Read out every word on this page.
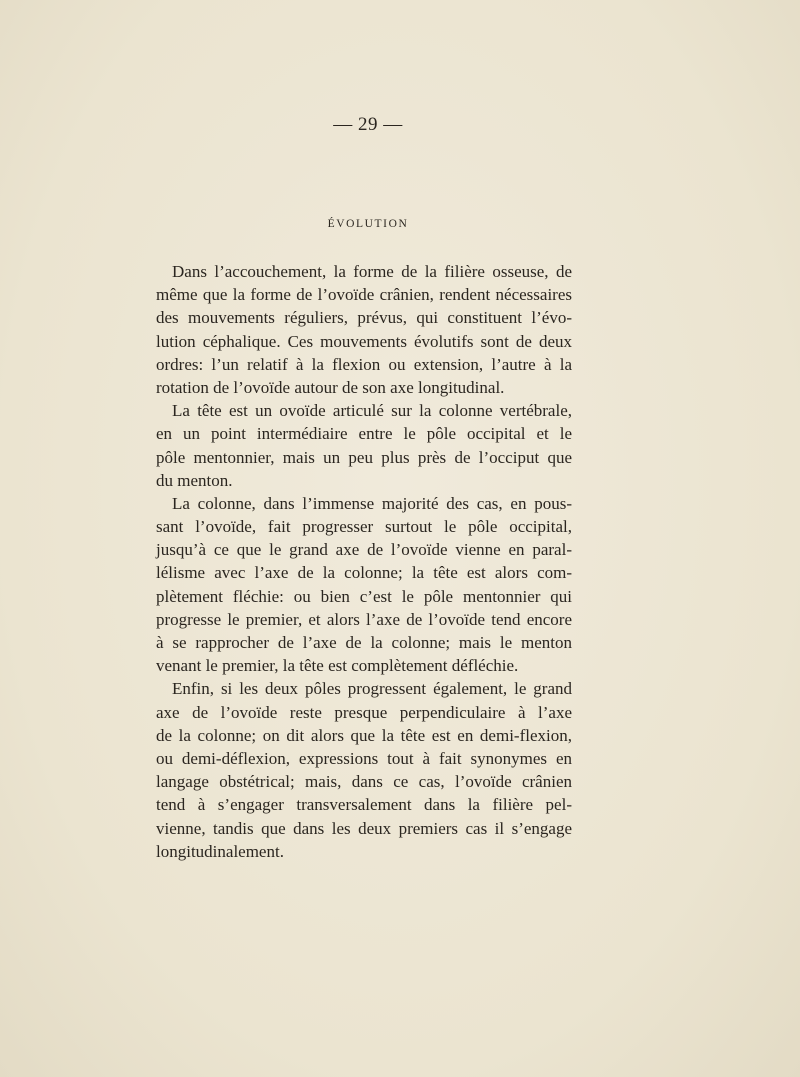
— 29 —
ÉVOLUTION
Dans l’accouchement, la forme de la filière osseuse, de
même que la forme de l’ovoïde crânien, rendent nécessaires
des mouvements réguliers, prévus, qui constituent l’évo-
lution céphalique. Ces mouvements évolutifs sont de deux
ordres: l’un relatif à la flexion ou extension, l’autre à la
rotation de l’ovoïde autour de son axe longitudinal.
La tête est un ovoïde articulé sur la colonne vertébrale,
en un point intermédiaire entre le pôle occipital et le
pôle mentonnier, mais un peu plus près de l’occiput que
du menton.
La colonne, dans l’immense majorité des cas, en pous-
sant l’ovoïde, fait progresser surtout le pôle occipital,
jusqu’à ce que le grand axe de l’ovoïde vienne en paral-
lélisme avec l’axe de la colonne; la tête est alors com-
plètement fléchie: ou bien c’est le pôle mentonnier qui
progresse le premier, et alors l’axe de l’ovoïde tend encore
à se rapprocher de l’axe de la colonne; mais le menton
venant le premier, la tête est complètement défléchie.
Enfin, si les deux pôles progressent également, le grand
axe de l’ovoïde reste presque perpendiculaire à l’axe
de la colonne; on dit alors que la tête est en demi-flexion,
ou demi-déflexion, expressions tout à fait synonymes en
langage obstétrical; mais, dans ce cas, l’ovoïde crânien
tend à s’engager transversalement dans la filière pel-
vienne, tandis que dans les deux premiers cas il s’engage
longitudinalement.
